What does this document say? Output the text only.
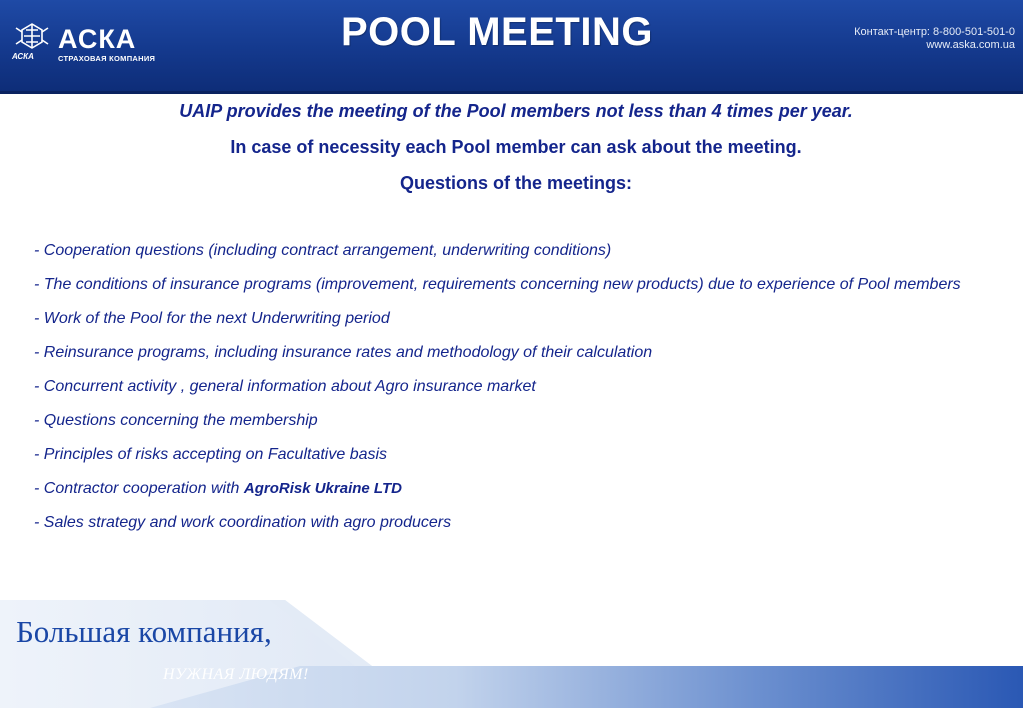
АСКА
АСКА
СТРАХОВАЯ КОМПАНИЯ
POOL MEETING	Контакт-центр: 8-800-501-501-0
www.aska.com.ua

UAIP provides the meeting of the Pool members not less than 4 times per year.

In case of necessity each Pool member can ask about the meeting.

Questions of the meetings:

- Cooperation questions (including contract arrangement, underwriting conditions)
- The conditions of insurance programs (improvement, requirements concerning new products) due to experience of Pool members
- Work of the Pool for the next Underwriting period
- Reinsurance programs, including insurance rates and methodology of their calculation
- Concurrent activity , general information about Agro insurance market
- Questions concerning the membership
- Principles of risks accepting on Facultative basis
- Contractor cooperation with AgroRisk Ukraine LTD
- Sales strategy and work coordination with agro producers
Большая компания,
НУЖНАЯ ЛЮДЯМ!
